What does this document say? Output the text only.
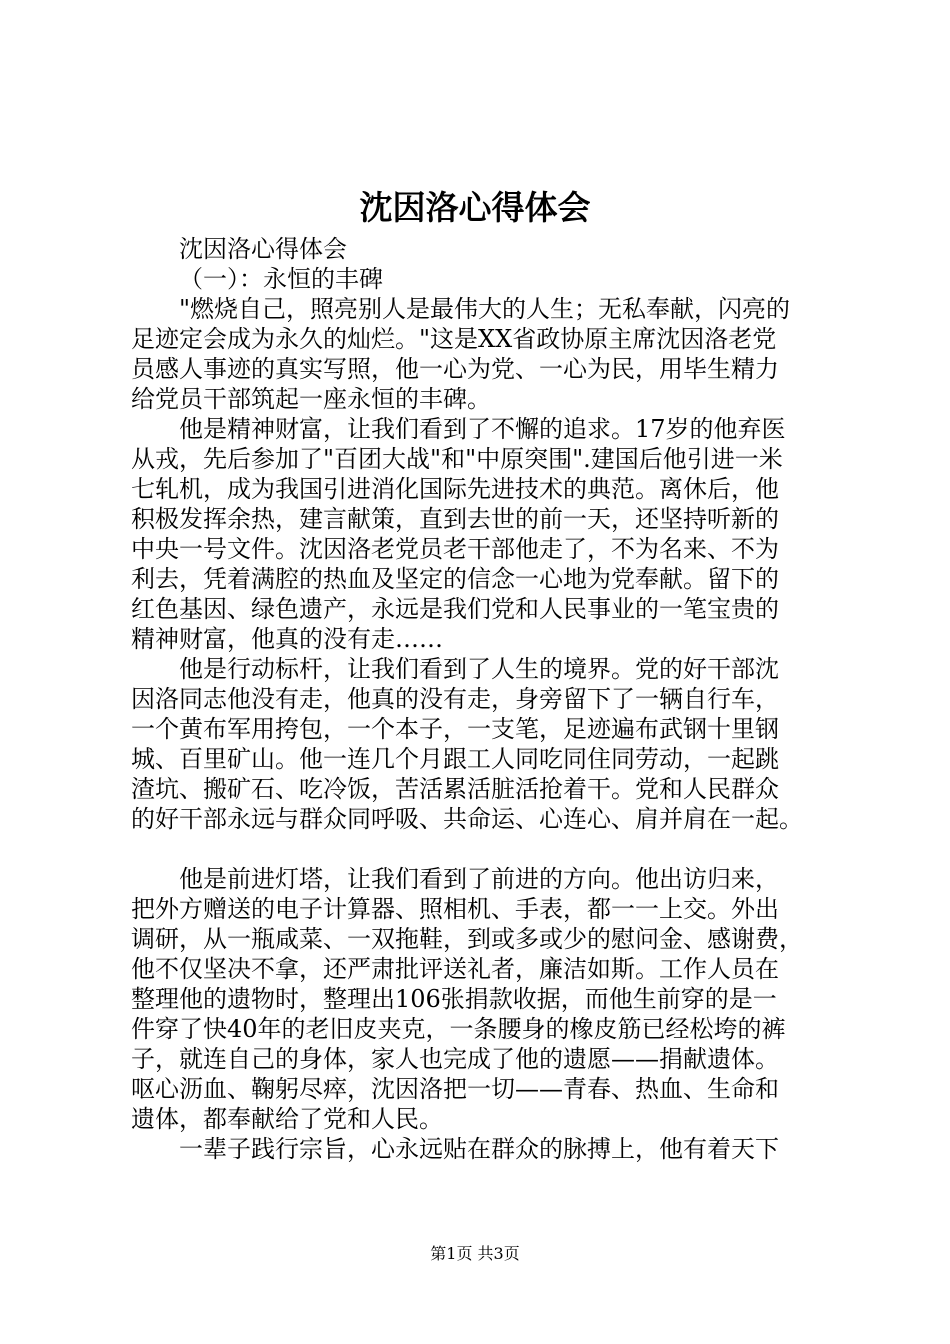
沈因洛心得体会

沈因洛心得体会

（一）：永恒的丰碑

"燃烧自己，照亮别人是最伟大的人生；无私奉献，闪亮的

足迹定会成为永久的灿烂。"这是XX省政协原主席沈因洛老党

员感人事迹的真实写照，他一心为党、一心为民，用毕生精力

给党员干部筑起一座永恒的丰碑。

他是精神财富，让我们看到了不懈的追求。17岁的他弃医

从戎，先后参加了"百团大战"和"中原突围".建国后他引进一米

七轧机，成为我国引进消化国际先进技术的典范。离休后，他

积极发挥余热，建言献策，直到去世的前一天，还坚持听新的

中央一号文件。沈因洛老党员老干部他走了，不为名来、不为

利去，凭着满腔的热血及坚定的信念一心地为党奉献。留下的

红色基因、绿色遗产，永远是我们党和人民事业的一笔宝贵的

精神财富，他真的没有走……

他是行动标杆，让我们看到了人生的境界。党的好干部沈

因洛同志他没有走，他真的没有走，身旁留下了一辆自行车，

一个黄布军用挎包，一个本子，一支笔，足迹遍布武钢十里钢

城、百里矿山。他一连几个月跟工人同吃同住同劳动，一起跳

渣坑、搬矿石、吃冷饭，苦活累活脏活抢着干。党和人民群众

的好干部永远与群众同呼吸、共命运、心连心、肩并肩在一起。

他是前进灯塔，让我们看到了前进的方向。他出访归来，

把外方赠送的电子计算器、照相机、手表，都一一上交。外出

调研，从一瓶咸菜、一双拖鞋，到或多或少的慰问金、感谢费，

他不仅坚决不拿，还严肃批评送礼者，廉洁如斯。工作人员在

整理他的遗物时，整理出106张捐款收据，而他生前穿的是一

件穿了快40年的老旧皮夹克，一条腰身的橡皮筋已经松垮的裤

子，就连自己的身体，家人也完成了他的遗愿——捐献遗体。

呕心沥血、鞠躬尽瘁，沈因洛把一切——青春、热血、生命和

遗体，都奉献给了党和人民。

一辈子践行宗旨，心永远贴在群众的脉搏上，他有着天下

第1页 共3页
